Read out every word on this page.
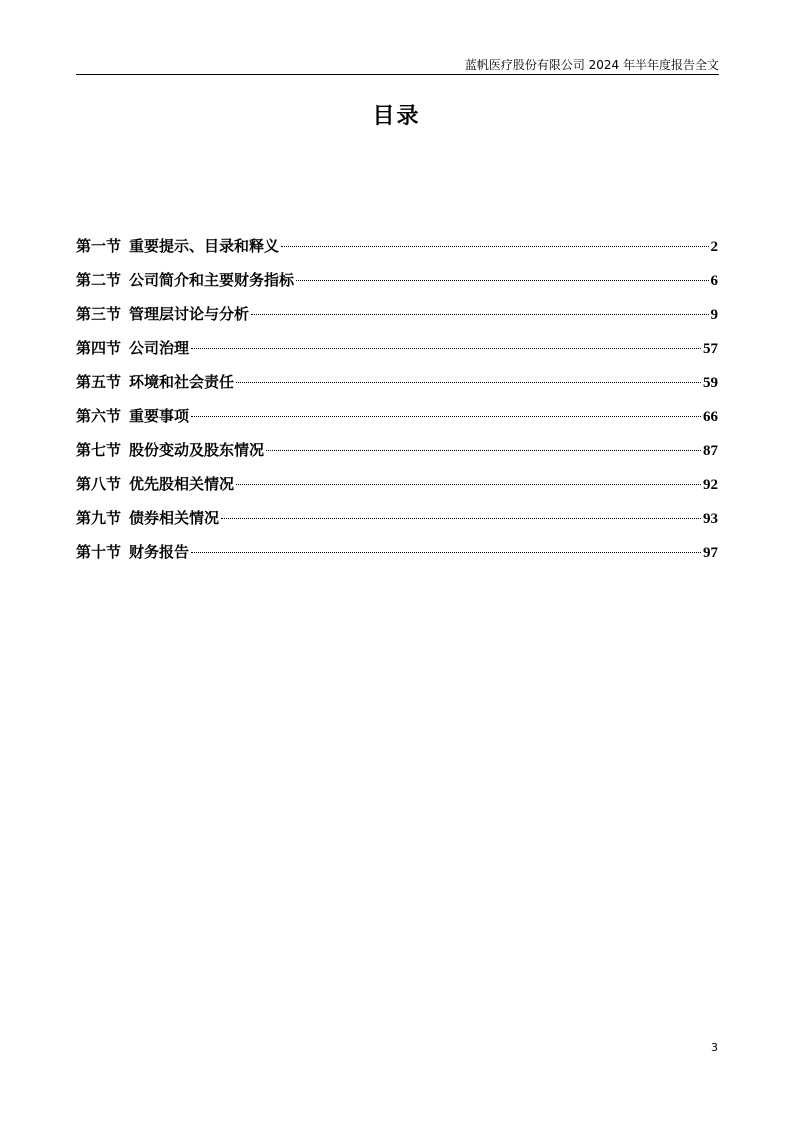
蓝帆医疗股份有限公司 2024 年半年度报告全文
目录
第一节 重要提示、目录和释义	2
第二节 公司简介和主要财务指标	6
第三节 管理层讨论与分析	9
第四节 公司治理	57
第五节 环境和社会责任	59
第六节 重要事项	66
第七节 股份变动及股东情况	87
第八节 优先股相关情况	92
第九节 债券相关情况	93
第十节 财务报告	97
3
